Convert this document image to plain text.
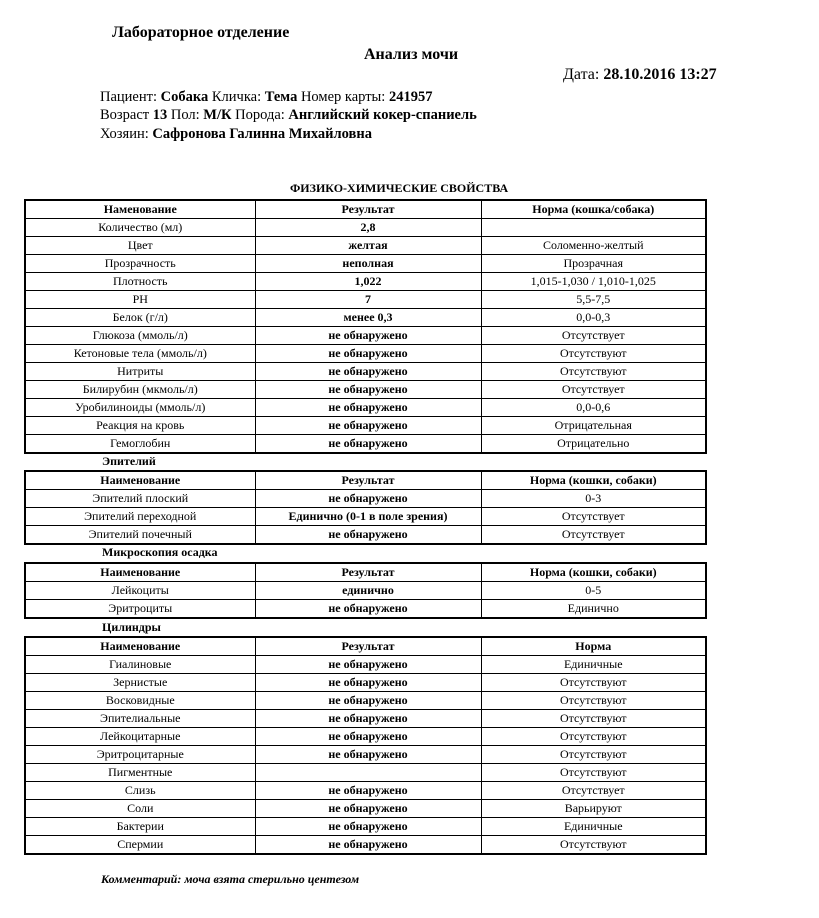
Лабораторное отделение
Анализ мочи
Дата: 28.10.2016 13:27
Пациент: Собака Кличка: Тема Номер карты: 241957
Возраст 13 Пол: М/К Порода: Английский кокер-спаниель
Хозяин: Сафронова Галинна Михайловна
ФИЗИКО-ХИМИЧЕСКИЕ СВОЙСТВА
Наменование	Результат	Норма (кошка/собака)
Количество (мл)	2,8	
Цвет	желтая	Соломенно-желтый
Прозрачность	неполная	Прозрачная
Плотность	1,022	1,015-1,030 / 1,010-1,025
PH	7	5,5-7,5
Белок (г/л)	менее 0,3	0,0-0,3
Глюкоза (ммоль/л)	не обнаружено	Отсутствует
Кетоновые тела (ммоль/л)	не обнаружено	Отсутствуют
Нитриты	не обнаружено	Отсутствуют
Билирубин (мкмоль/л)	не обнаружено	Отсутствует
Уробилиноиды (ммоль/л)	не обнаружено	0,0-0,6
Реакция на кровь	не обнаружено	Отрицательная
Гемоглобин	не обнаружено	Отрицательно
Эпителий
Наименование	Результат	Норма (кошки, собаки)
Эпителий плоский	не обнаружено	0-3
Эпителий переходной	Единично (0-1 в поле зрения)	Отсутствует
Эпителий почечный	не обнаружено	Отсутствует
Микроскопия осадка
Наименование	Результат	Норма (кошки, собаки)
Лейкоциты	единично	0-5
Эритроциты	не обнаружено	Единично
Цилиндры
Наименование	Результат	Норма
Гиалиновые	не обнаружено	Единичные
Зернистые	не обнаружено	Отсутствуют
Восковидные	не обнаружено	Отсутствуют
Эпителиальные	не обнаружено	Отсутствуют
Лейкоцитарные	не обнаружено	Отсутствуют
Эритроцитарные	не обнаружено	Отсутствуют
Пигментные		Отсутствуют
Слизь	не обнаружено	Отсутствует
Соли	не обнаружено	Варьируют
Бактерии	не обнаружено	Единичные
Спермии	не обнаружено	Отсутствуют
Комментарий: моча взята стерильно центезом
